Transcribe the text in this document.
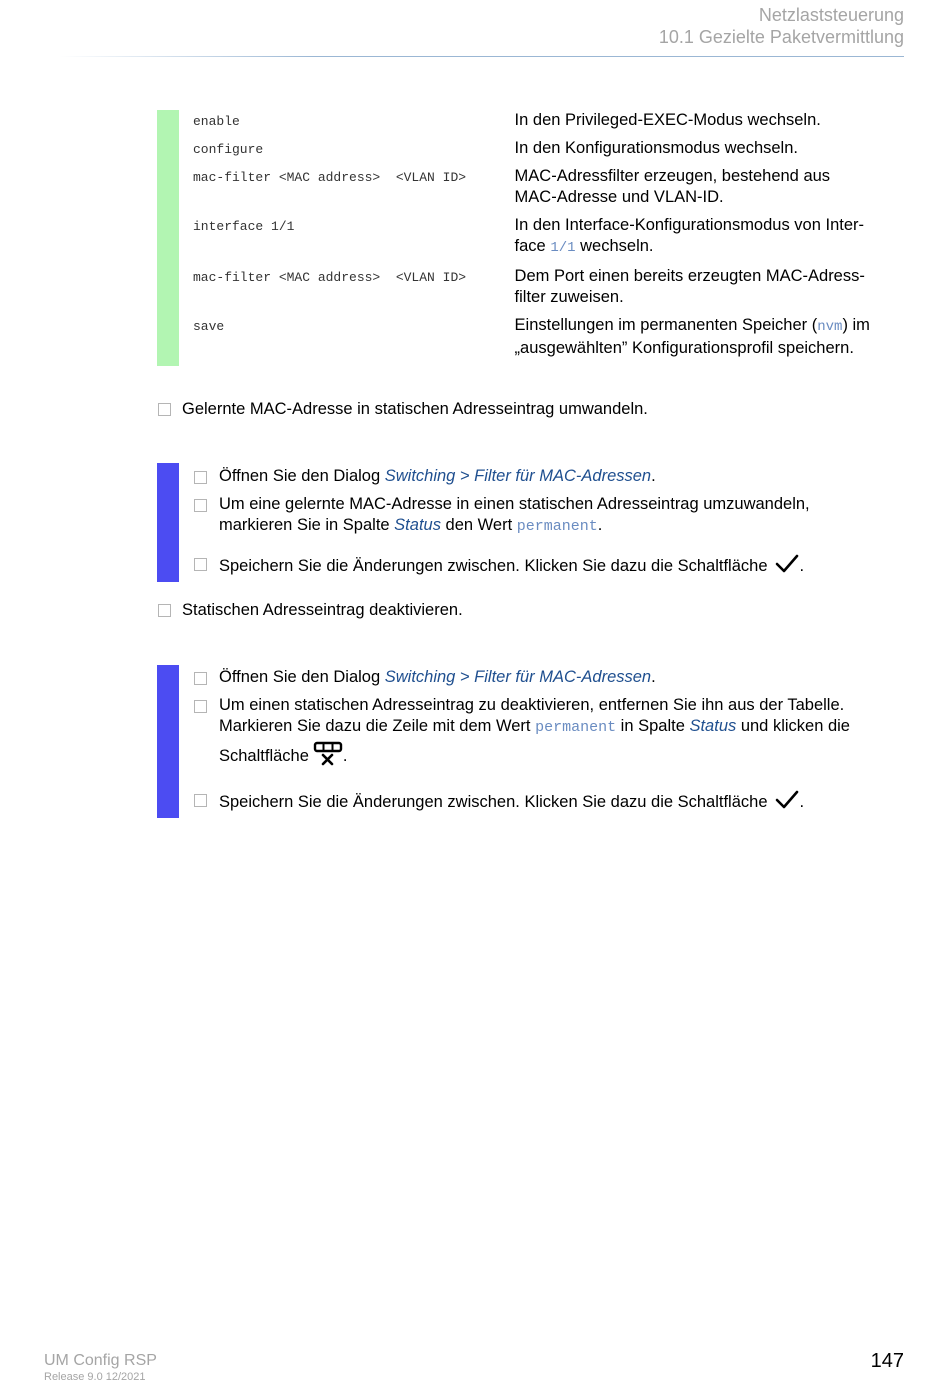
Netzlaststeuerung
10.1 Gezielte Paketvermittlung
enable	In den Privileged-EXEC-Modus wechseln.
configure	In den Konfigurationsmodus wechseln.
mac-filter <MAC address>  <VLAN ID>	MAC-Adressfilter erzeugen, bestehend aus
MAC-Adresse und VLAN-ID.
interface 1/1	In den Interface-Konfigurationsmodus von Inter-
face 1/1 wechseln.
mac-filter <MAC address>  <VLAN ID>	Dem Port einen bereits erzeugten MAC-Adress-
filter zuweisen.
save	Einstellungen im permanenten Speicher (nvm) im
„ausgewählten” Konfigurationsprofil speichern.
Gelernte MAC-Adresse in statischen Adresseintrag umwandeln.
Öffnen Sie den Dialog Switching > Filter für MAC-Adressen.
Um eine gelernte MAC-Adresse in einen statischen Adresseintrag umzuwandeln,
markieren Sie in Spalte Status den Wert permanent.
Speichern Sie die Änderungen zwischen. Klicken Sie dazu die Schaltfläche .
Statischen Adresseintrag deaktivieren.
Öffnen Sie den Dialog Switching > Filter für MAC-Adressen.
Um einen statischen Adresseintrag zu deaktivieren, entfernen Sie ihn aus der Tabelle.
Markieren Sie dazu die Zeile mit dem Wert permanent in Spalte Status und klicken die
Schaltfläche .
Speichern Sie die Änderungen zwischen. Klicken Sie dazu die Schaltfläche .
UM Config RSP
Release 9.0 12/2021
147
